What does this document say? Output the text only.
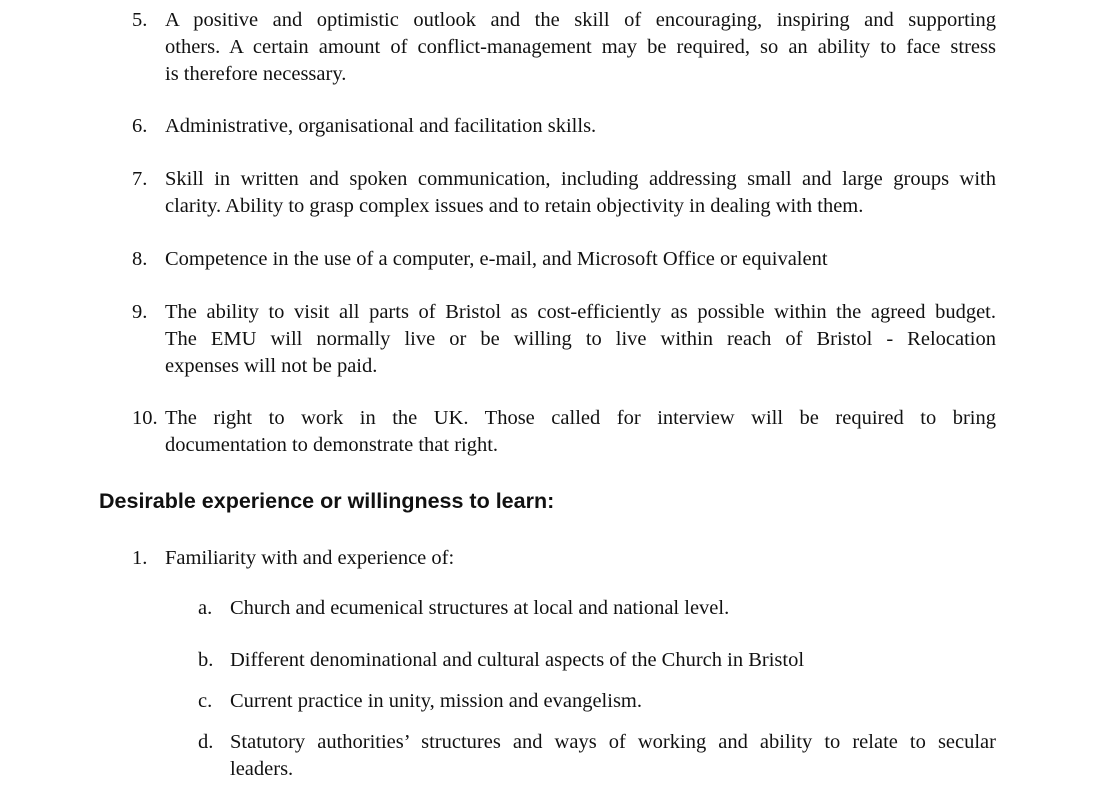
5. A positive and optimistic outlook and the skill of encouraging, inspiring and supporting
others. A certain amount of conflict-management may be required, so an ability to face stress
is therefore necessary.
6. Administrative, organisational and facilitation skills.
7. Skill in written and spoken communication, including addressing small and large groups with
clarity. Ability to grasp complex issues and to retain objectivity in dealing with them.
8. Competence in the use of a computer, e-mail, and Microsoft Office or equivalent
9. The ability to visit all parts of Bristol as cost-efficiently as possible within the agreed budget.
The EMU will normally live or be willing to live within reach of Bristol - Relocation
expenses will not be paid.
10. The right to work in the UK. Those called for interview will be required to bring
documentation to demonstrate that right.
Desirable experience or willingness to learn:
1. Familiarity with and experience of:
a. Church and ecumenical structures at local and national level.
b. Different denominational and cultural aspects of the Church in Bristol
c. Current practice in unity, mission and evangelism.
d. Statutory authorities’ structures and ways of working and ability to relate to secular
leaders.
